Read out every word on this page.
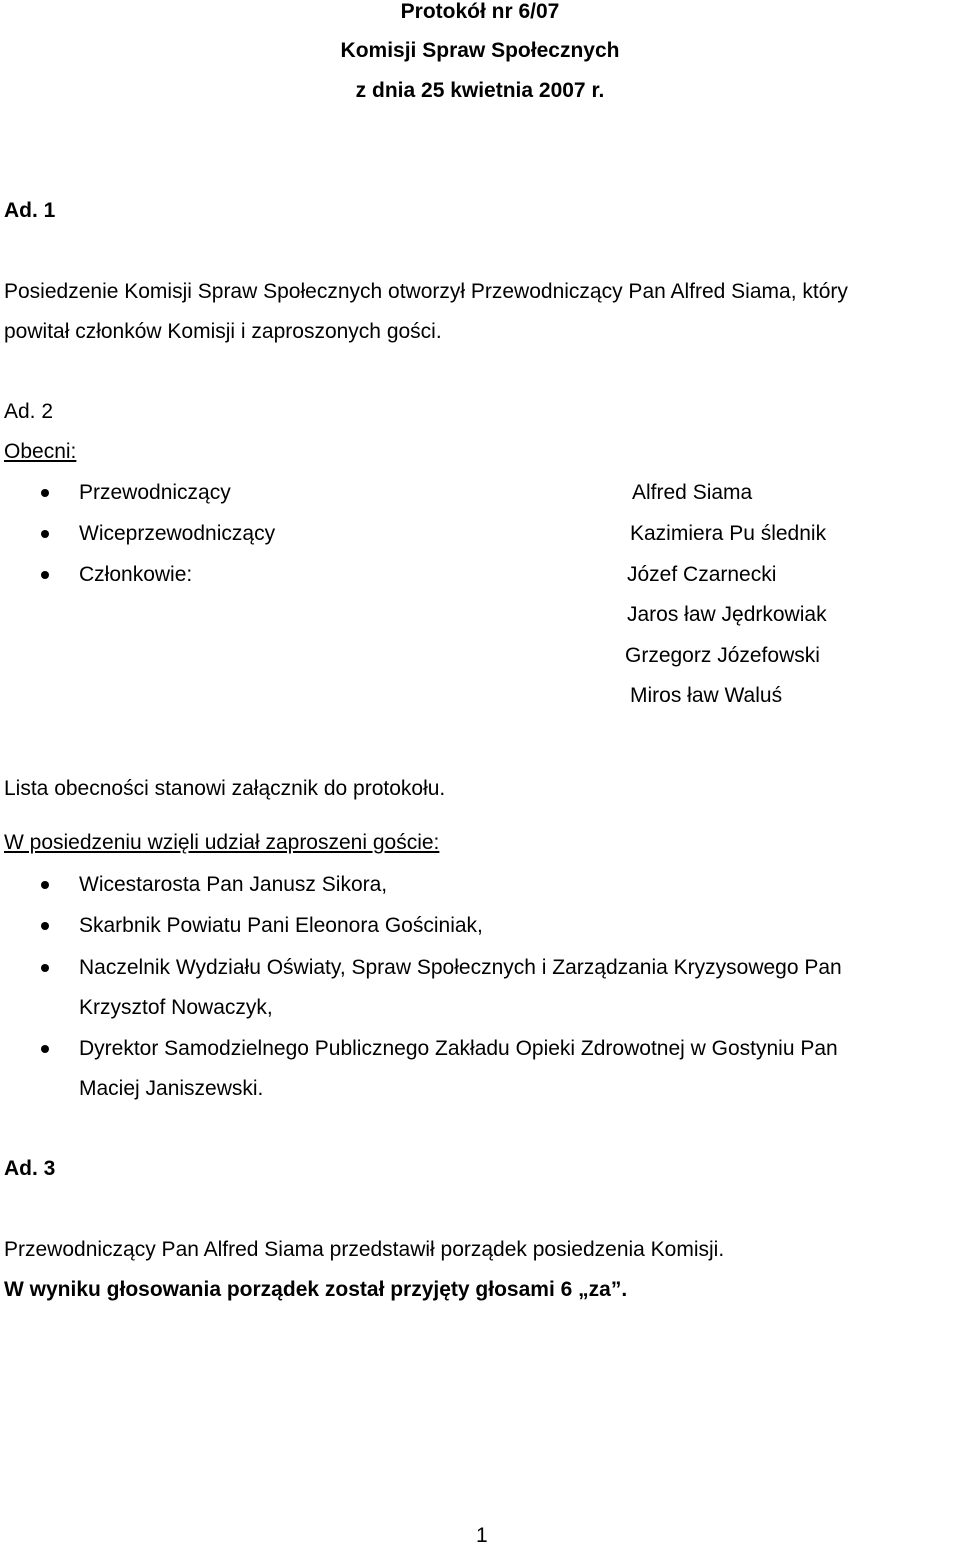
Protokół nr 6/07
Komisji Spraw Społecznych
z dnia 25 kwietnia 2007 r.
Ad. 1
Posiedzenie Komisji Spraw Społecznych otworzył Przewodniczący Pan Alfred Siama, który
powitał członków Komisji i zaproszonych gości.
Ad. 2
Obecni:
Przewodniczący	Alfred Siama
Wiceprzewodniczący	Kazimiera Pu ślednik
Członkowie:	Józef Czarnecki
Jaros ław Jędrkowiak
Grzegorz Józefowski
Miros ław Waluś
Lista obecności stanowi załącznik do protokołu.
W posiedzeniu wzięli udział zaproszeni goście:
Wicestarosta Pan Janusz Sikora,
Skarbnik Powiatu Pani Eleonora Gościniak,
Naczelnik Wydziału Oświaty, Spraw Społecznych i Zarządzania Kryzysowego Pan
Krzysztof Nowaczyk,
Dyrektor Samodzielnego Publicznego Zakładu Opieki Zdrowotnej w Gostyniu Pan
Maciej Janiszewski.
Ad. 3
Przewodniczący Pan Alfred Siama przedstawił porządek posiedzenia Komisji.
W wyniku głosowania porządek został przyjęty głosami 6 „za”.
1
